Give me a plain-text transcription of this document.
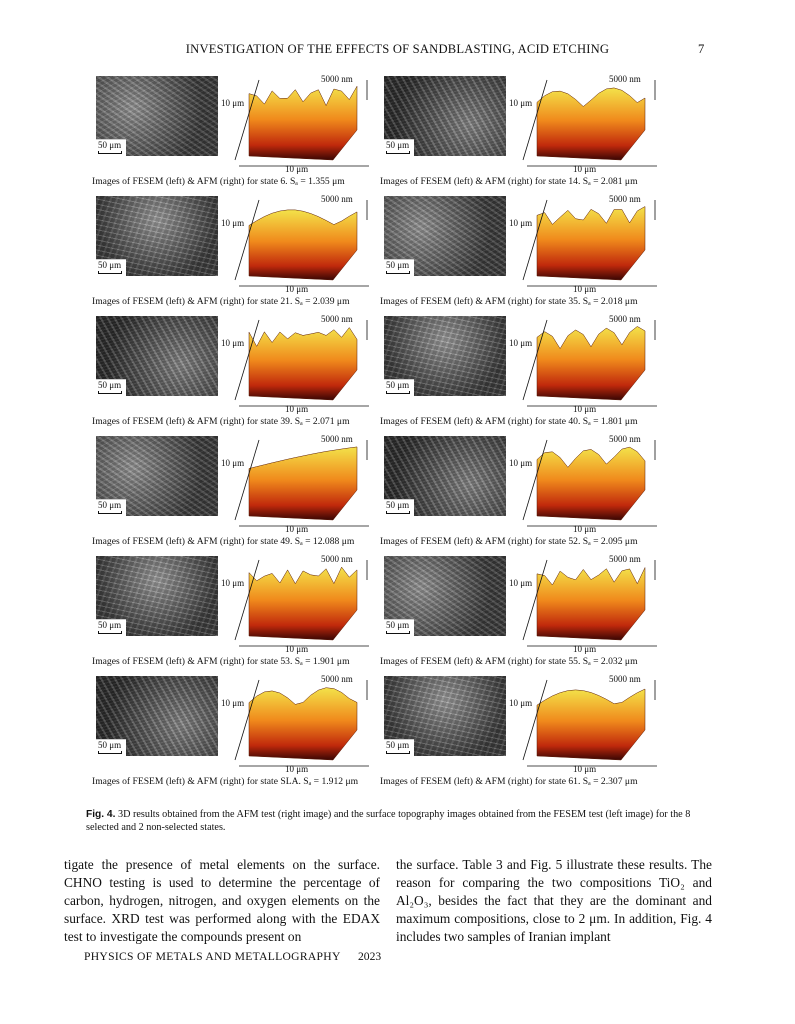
INVESTIGATION OF THE EFFECTS OF SANDBLASTING, ACID ETCHING	7
50 μm
5000 nm
10 μm
10 μm
Images of FESEM (left) & AFM (right) for state 6. Sₐ = 1.355 μm
50 μm
5000 nm
10 μm
10 μm
Images of FESEM (left) & AFM (right) for state 14. Sₐ = 2.081 μm
50 μm
5000 nm
10 μm
10 μm
Images of FESEM (left) & AFM (right) for state 21. Sₐ = 2.039 μm
50 μm
5000 nm
10 μm
10 μm
Images of FESEM (left) & AFM (right) for state 35. Sₐ = 2.018 μm
50 μm
5000 nm
10 μm
10 μm
Images of FESEM (left) & AFM (right) for state 39. Sₐ = 2.071 μm
50 μm
5000 nm
10 μm
10 μm
Images of FESEM (left) & AFM (right) for state 40. Sₐ = 1.801 μm
50 μm
5000 nm
10 μm
10 μm
Images of FESEM (left) & AFM (right) for state 49. Sₐ = 12.088 μm
50 μm
5000 nm
10 μm
10 μm
Images of FESEM (left) & AFM (right) for state 52. Sₐ = 2.095 μm
50 μm
5000 nm
10 μm
10 μm
Images of FESEM (left) & AFM (right) for state 53. Sₐ = 1.901 μm
50 μm
5000 nm
10 μm
10 μm
Images of FESEM (left) & AFM (right) for state 55. Sₐ = 2.032 μm
50 μm
5000 nm
10 μm
10 μm
Images of FESEM (left) & AFM (right) for state SLA. Sₐ = 1.912 μm
50 μm
5000 nm
10 μm
10 μm
Images of FESEM (left) & AFM (right) for state 61. Sₐ = 2.307 μm
Fig. 4. 3D results obtained from the AFM test (right image) and the surface topography images obtained from the FESEM test (left image) for the 8 selected and 2 non-selected states.
tigate the presence of metal elements on the surface. CHNO testing is used to determine the percentage of carbon, hydrogen, nitrogen, and oxygen elements on the surface. XRD test was performed along with the EDAX test to investigate the compounds present on
the surface. Table 3 and Fig. 5 illustrate these results. The reason for comparing the two compositions TiO₂ and Al₂O₃, besides the fact that they are the dominant and maximum compositions, close to 2 μm. In addition, Fig. 4 includes two samples of Iranian implant
PHYSICS OF METALS AND METALLOGRAPHY 2023
